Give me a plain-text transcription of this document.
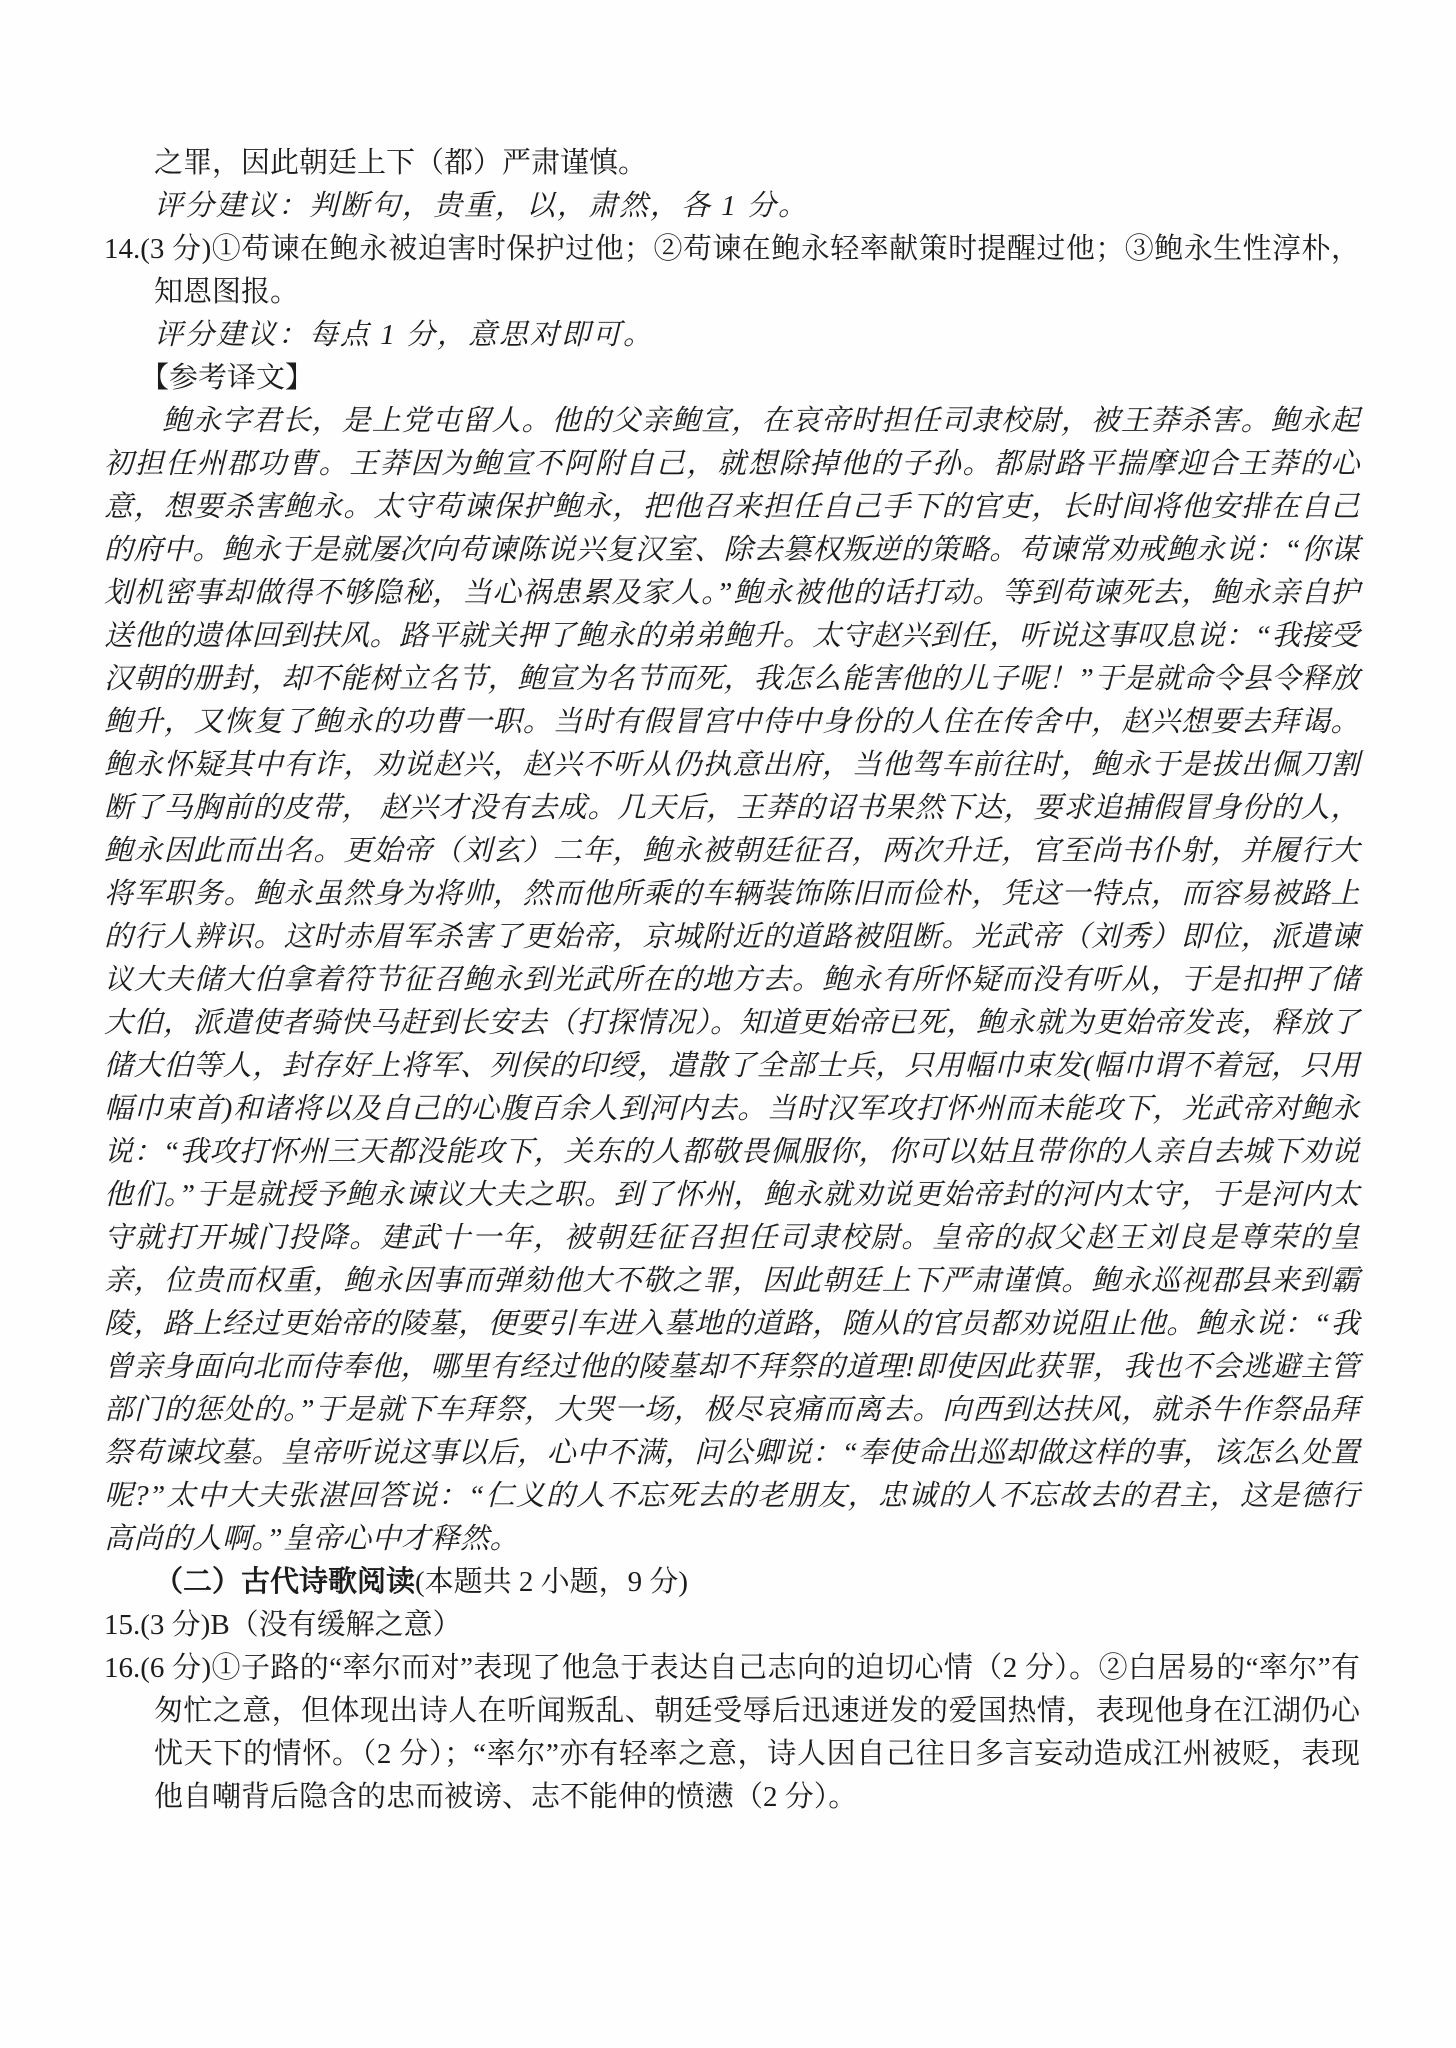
之罪，因此朝廷上下（都）严肃谨慎。

评分建议：判断句，贵重，以，肃然，各 1 分。

14.(3 分)①苟谏在鲍永被迫害时保护过他；②苟谏在鲍永轻率献策时提醒过他；③鲍永生性淳朴，知恩图报。

评分建议：每点 1 分，意思对即可。

【参考译文】

鲍永字君长，是上党屯留人。他的父亲鲍宣，在哀帝时担任司隶校尉，被王莽杀害。鲍永起初担任州郡功曹。王莽因为鲍宣不阿附自己，就想除掉他的子孙。都尉路平揣摩迎合王莽的心意，想要杀害鲍永。太守苟谏保护鲍永，把他召来担任自己手下的官吏，长时间将他安排在自己的府中。鲍永于是就屡次向苟谏陈说兴复汉室、除去篡权叛逆的策略。苟谏常劝戒鲍永说：“你谋划机密事却做得不够隐秘，当心祸患累及家人。”鲍永被他的话打动。等到苟谏死去，鲍永亲自护送他的遗体回到扶风。路平就关押了鲍永的弟弟鲍升。太守赵兴到任，听说这事叹息说：“我接受汉朝的册封，却不能树立名节，鲍宣为名节而死，我怎么能害他的儿子呢！”于是就命令县令释放鲍升，又恢复了鲍永的功曹一职。当时有假冒宫中侍中身份的人住在传舍中，赵兴想要去拜谒。鲍永怀疑其中有诈，劝说赵兴，赵兴不听从仍执意出府，当他驾车前往时，鲍永于是拔出佩刀割断了马胸前的皮带， 赵兴才没有去成。几天后，王莽的诏书果然下达，要求追捕假冒身份的人，鲍永因此而出名。更始帝（刘玄）二年，鲍永被朝廷征召，两次升迁，官至尚书仆射，并履行大将军职务。鲍永虽然身为将帅，然而他所乘的车辆装饰陈旧而俭朴，凭这一特点，而容易被路上的行人辨识。这时赤眉军杀害了更始帝，京城附近的道路被阻断。光武帝（刘秀）即位，派遣谏议大夫储大伯拿着符节征召鲍永到光武所在的地方去。鲍永有所怀疑而没有听从，于是扣押了储大伯，派遣使者骑快马赶到长安去（打探情况）。知道更始帝已死，鲍永就为更始帝发丧，释放了储大伯等人，封存好上将军、列侯的印绶，遣散了全部士兵，只用幅巾束发(幅巾谓不着冠，只用幅巾束首)和诸将以及自己的心腹百余人到河内去。当时汉军攻打怀州而未能攻下，光武帝对鲍永说：“我攻打怀州三天都没能攻下，关东的人都敬畏佩服你，你可以姑且带你的人亲自去城下劝说他们。”于是就授予鲍永谏议大夫之职。到了怀州，鲍永就劝说更始帝封的河内太守，于是河内太守就打开城门投降。建武十一年，被朝廷征召担任司隶校尉。皇帝的叔父赵王刘良是尊荣的皇亲，位贵而权重，鲍永因事而弹劾他大不敬之罪，因此朝廷上下严肃谨慎。鲍永巡视郡县来到霸陵，路上经过更始帝的陵墓，便要引车进入墓地的道路，随从的官员都劝说阻止他。鲍永说：“我曾亲身面向北而侍奉他，哪里有经过他的陵墓却不拜祭的道理!即使因此获罪，我也不会逃避主管部门的惩处的。”于是就下车拜祭，大哭一场，极尽哀痛而离去。向西到达扶风，就杀牛作祭品拜祭苟谏坟墓。皇帝听说这事以后，心中不满，问公卿说：“奉使命出巡却做这样的事，该怎么处置呢?”太中大夫张湛回答说：“仁义的人不忘死去的老朋友，忠诚的人不忘故去的君主，这是德行高尚的人啊。”皇帝心中才释然。

（二）古代诗歌阅读(本题共 2 小题，9 分)

15.(3 分)B（没有缓解之意）

16.(6 分)①子路的“率尔而对”表现了他急于表达自己志向的迫切心情（2 分）。②白居易的“率尔”有匆忙之意，但体现出诗人在听闻叛乱、朝廷受辱后迅速迸发的爱国热情，表现他身在江湖仍心忧天下的情怀。（2 分）；“率尔”亦有轻率之意，诗人因自己往日多言妄动造成江州被贬，表现他自嘲背后隐含的忠而被谤、志不能伸的愤懑（2 分）。
